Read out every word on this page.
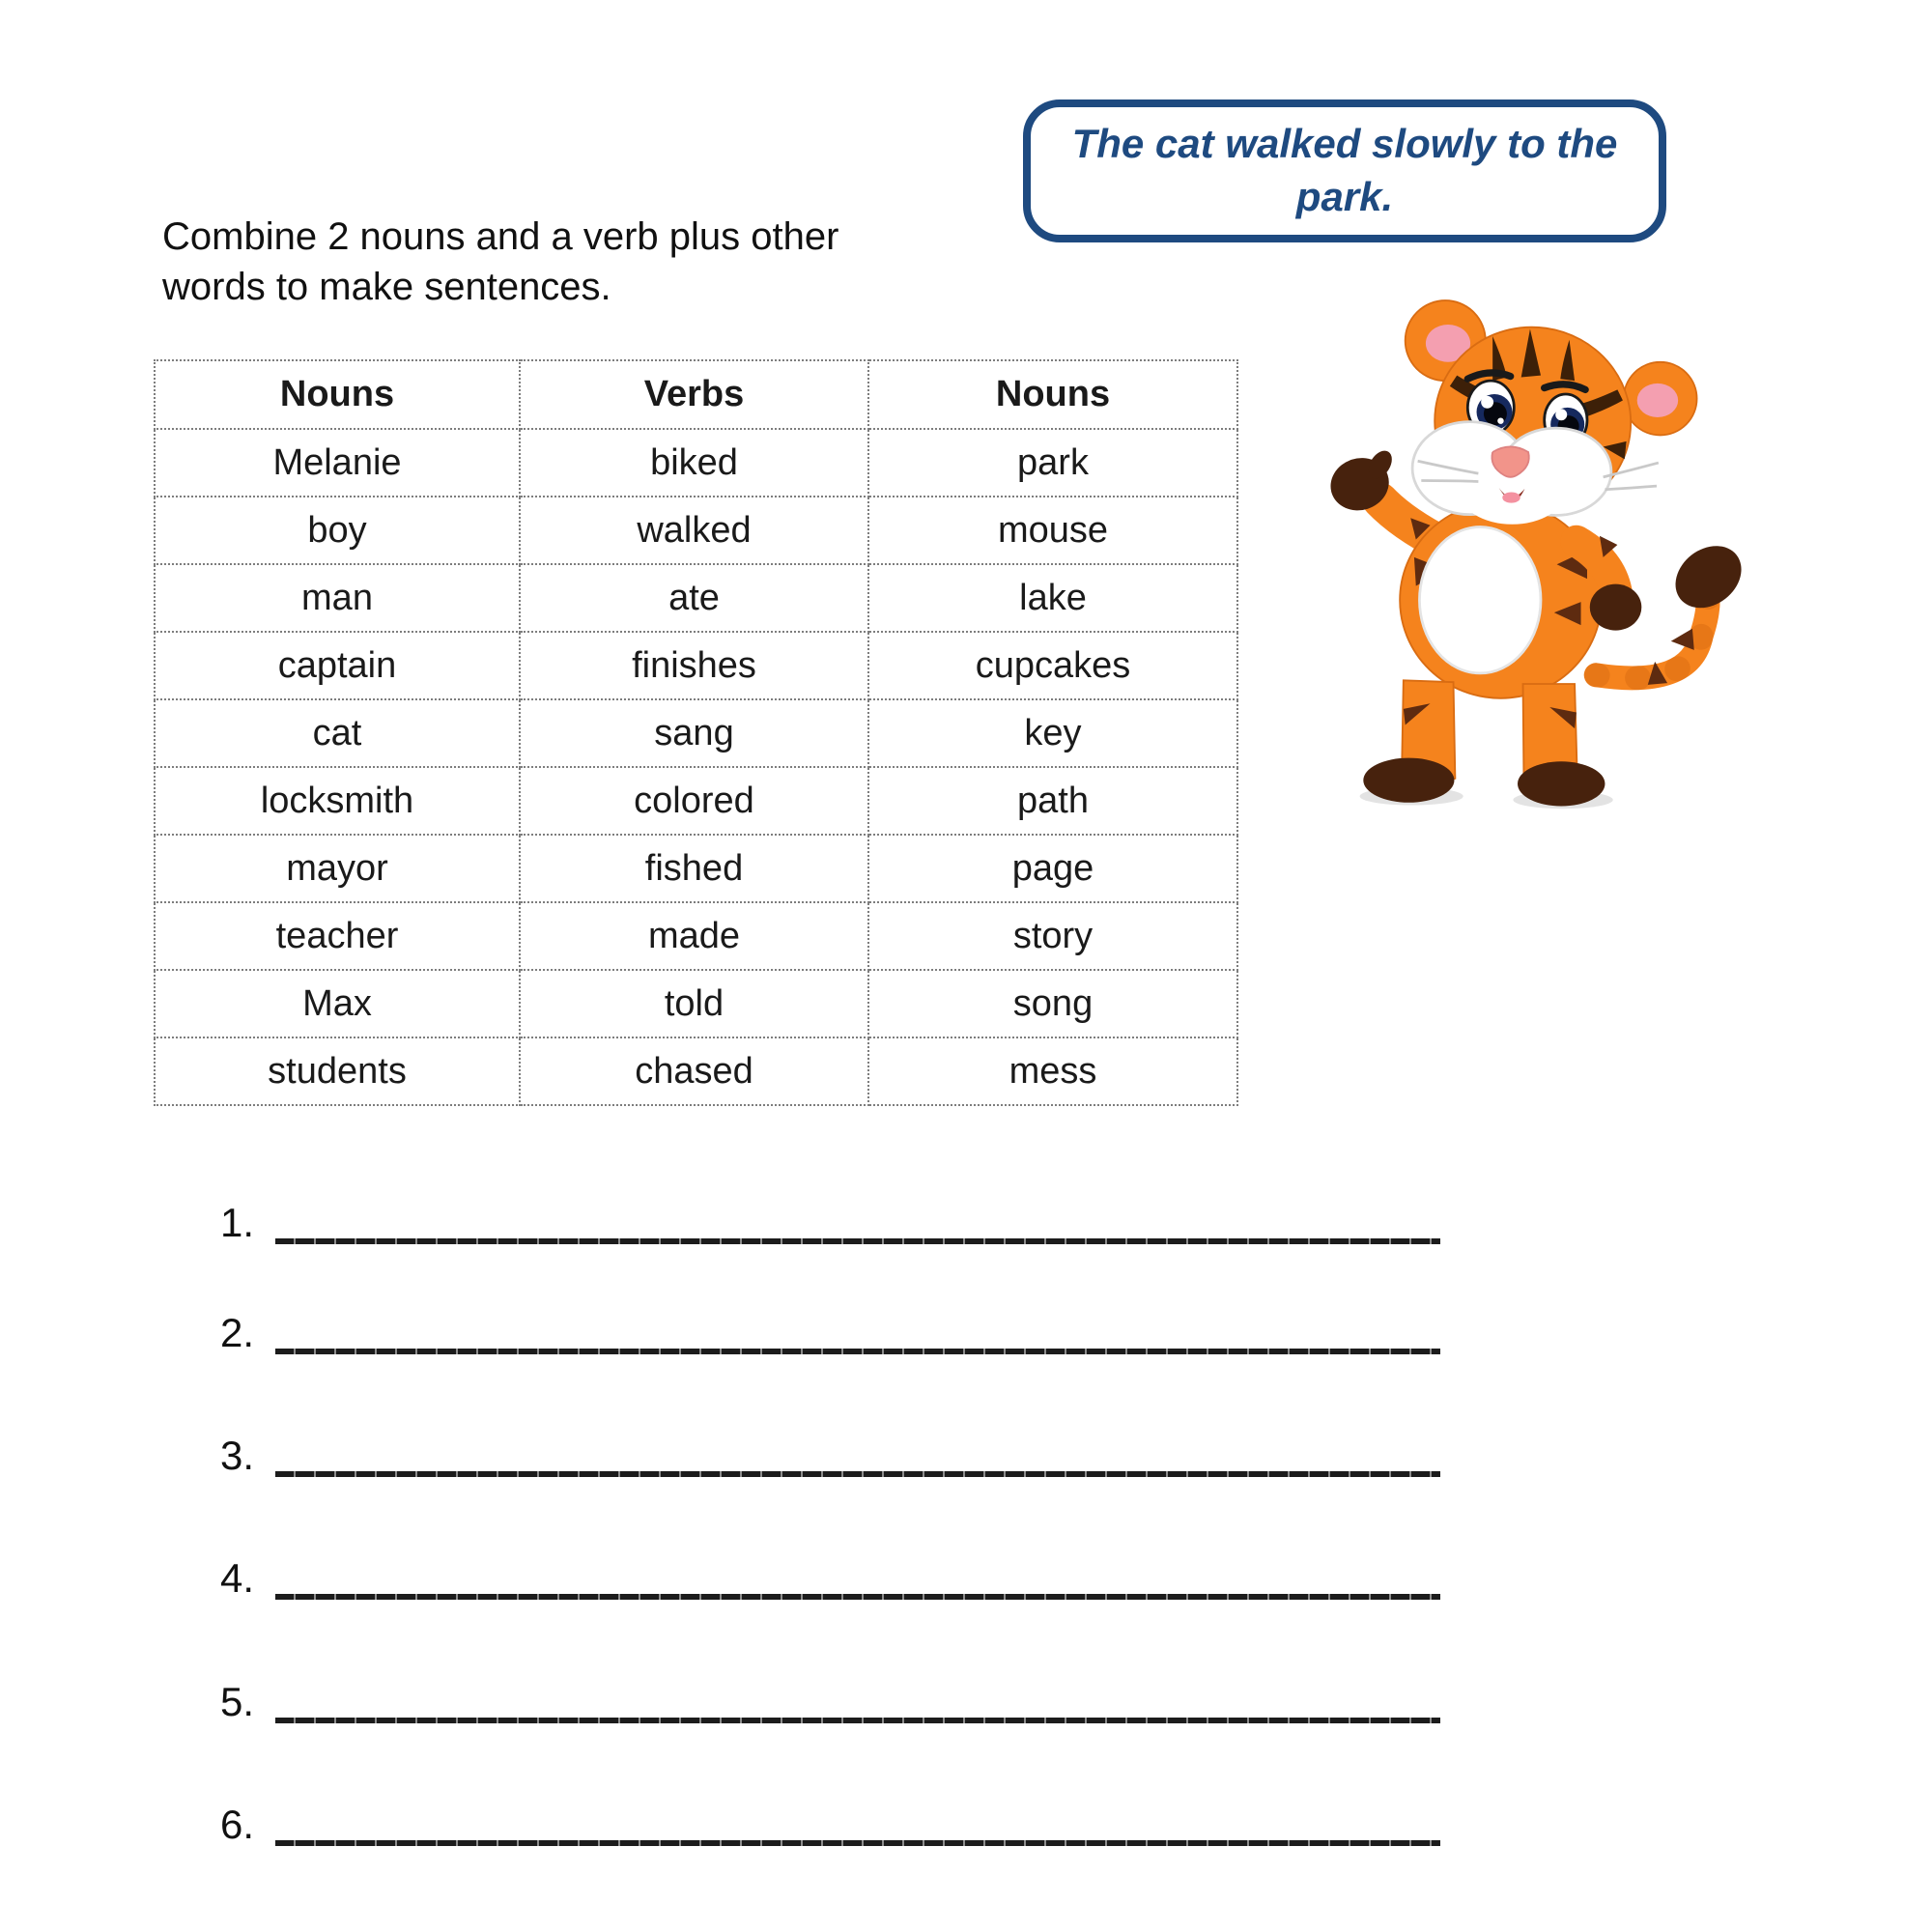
The cat walked slowly to the park.
Combine 2 nouns and a verb plus other words to make sentences.
Nouns	Verbs	Nouns
Melanie	biked	park
boy	walked	mouse
man	ate	lake
captain	finishes	cupcakes
cat	sang	key
locksmith	colored	path
mayor	fished	page
teacher	made	story
Max	told	song
students	chased	mess
1.
2.
3.
4.
5.
6.
